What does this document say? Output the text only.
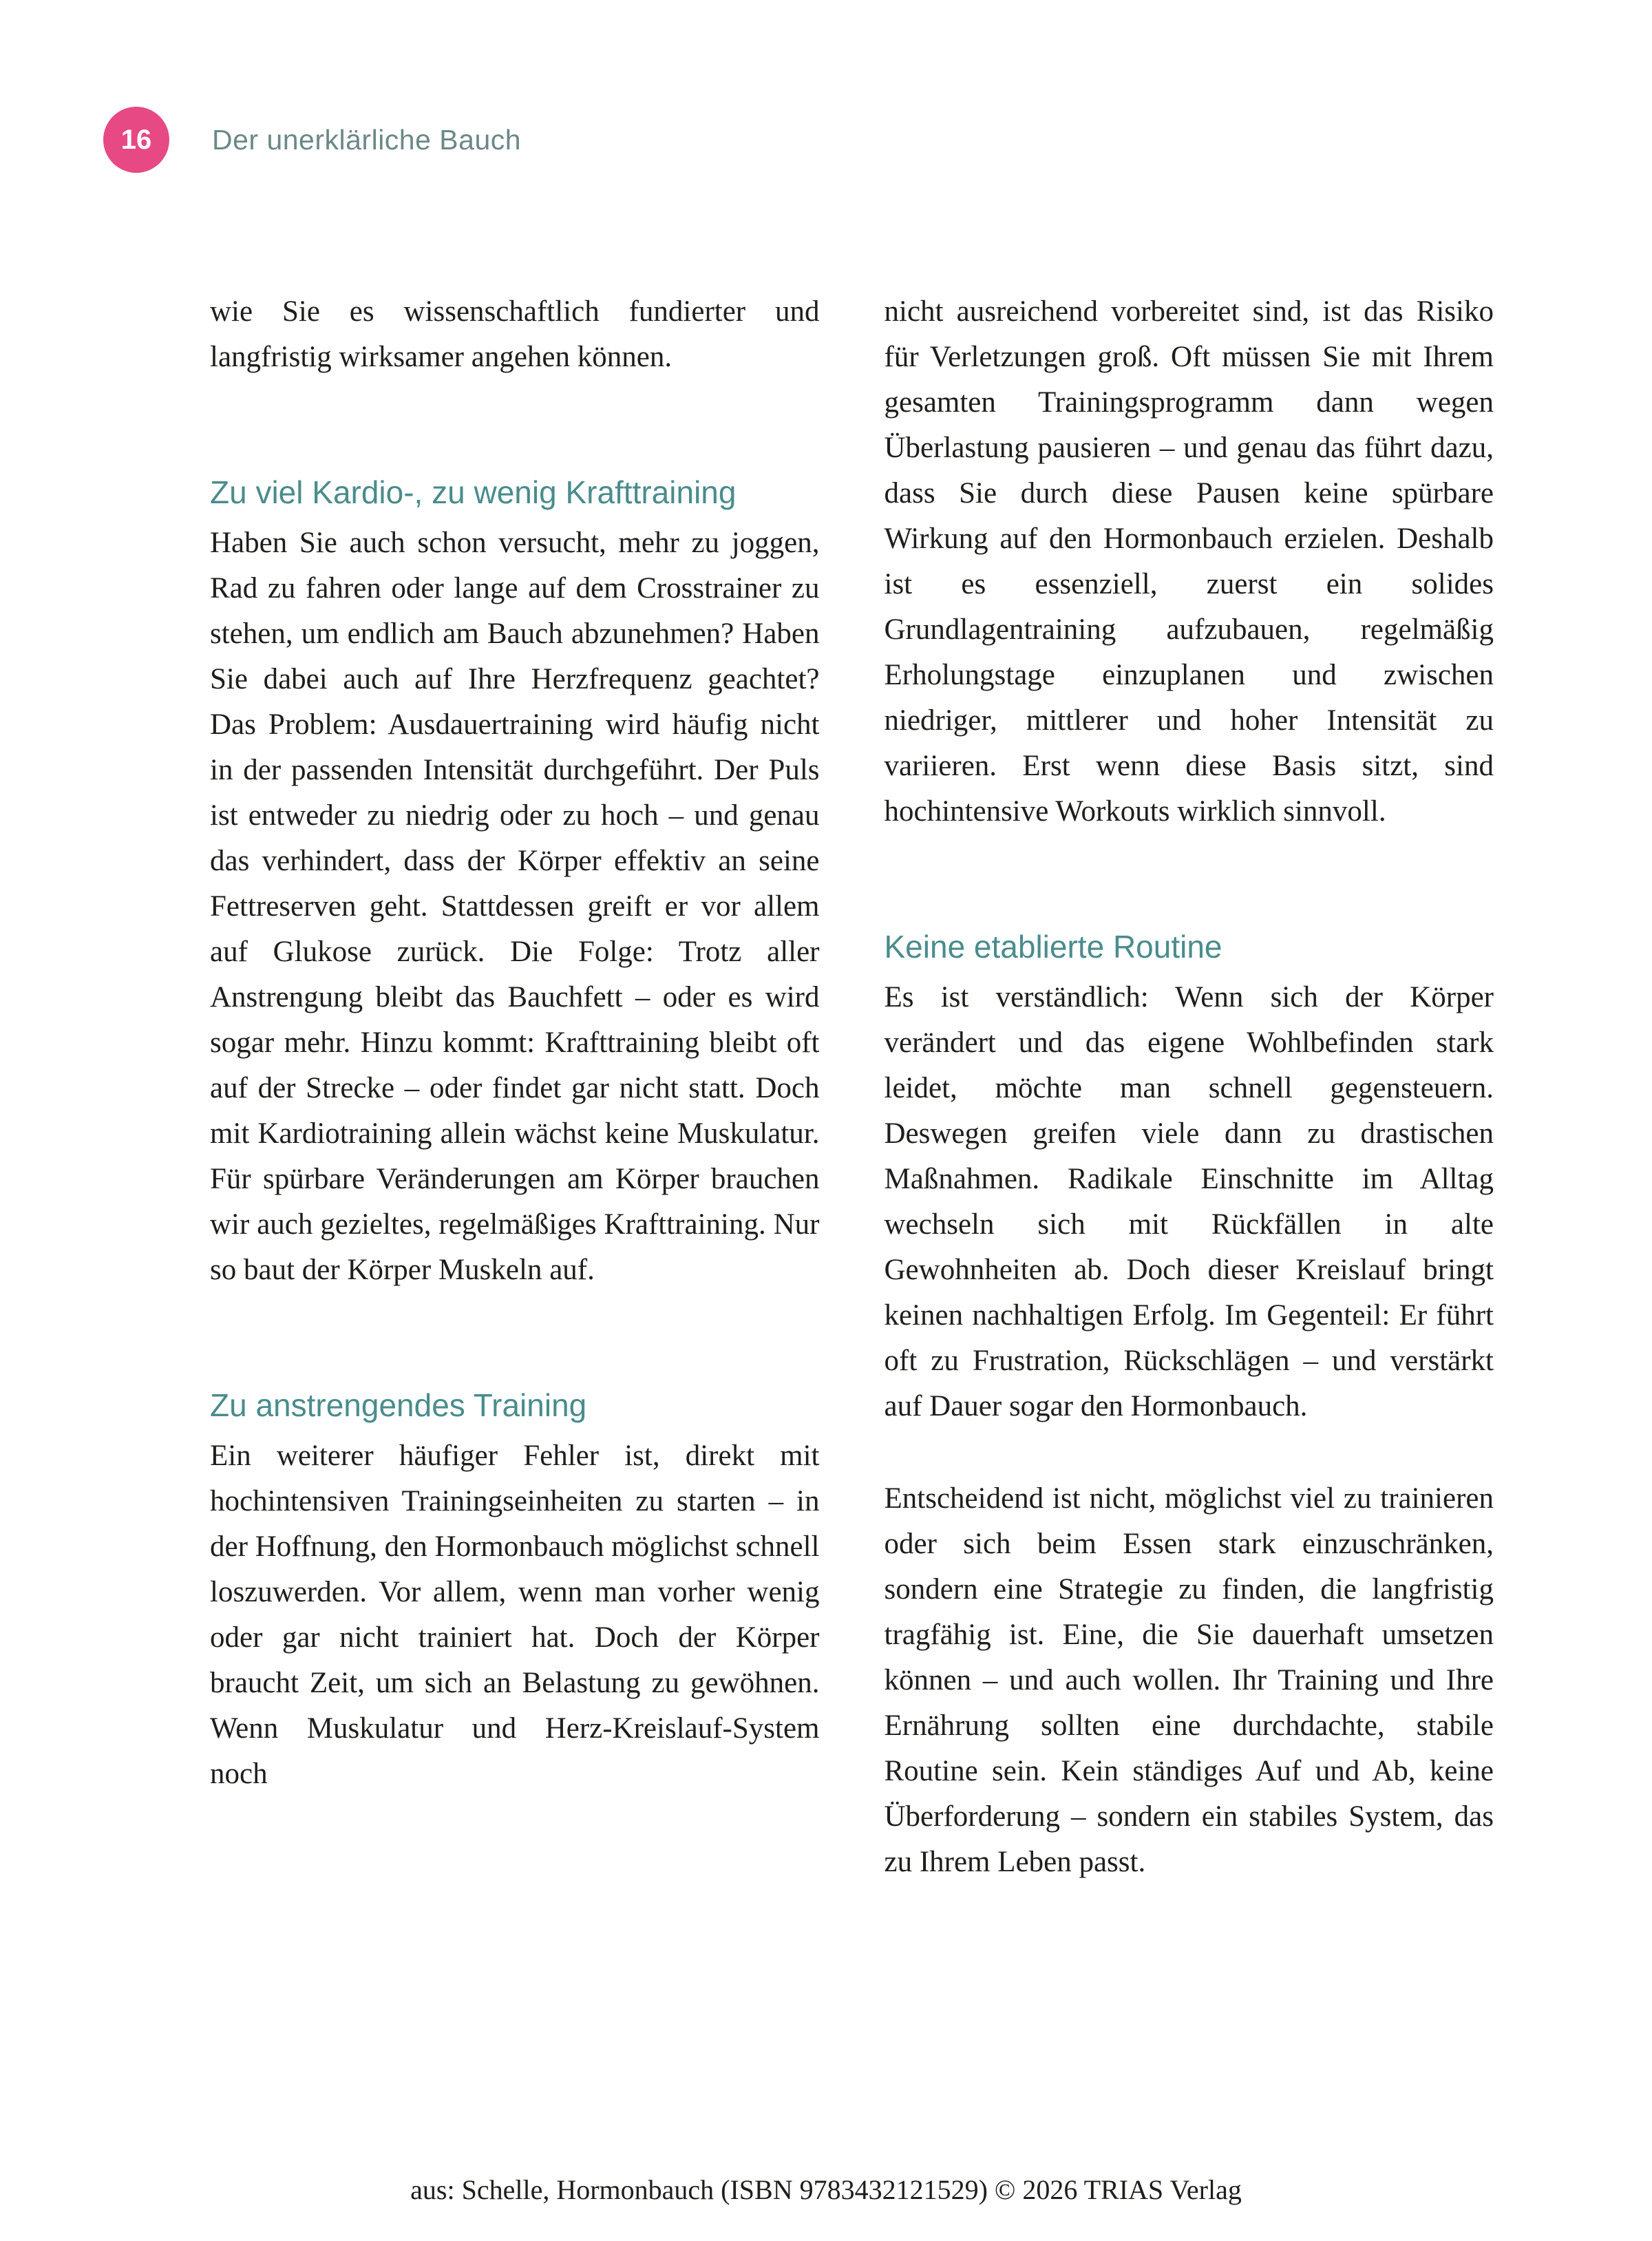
16	Der unerklärliche Bauch

wie Sie es wissenschaftlich fundierter und langfristig wirksamer angehen können.

Zu viel Kardio-, zu wenig Krafttraining

Haben Sie auch schon versucht, mehr zu joggen, Rad zu fahren oder lange auf dem Crosstrainer zu stehen, um endlich am Bauch abzunehmen? Haben Sie dabei auch auf Ihre Herzfrequenz geachtet? Das Problem: Ausdauertraining wird häufig nicht in der passenden Intensität durchgeführt. Der Puls ist entweder zu niedrig oder zu hoch – und genau das verhindert, dass der Körper effektiv an seine Fettreserven geht. Stattdessen greift er vor allem auf Glukose zurück. Die Folge: Trotz aller Anstrengung bleibt das Bauchfett – oder es wird sogar mehr. Hinzu kommt: Krafttraining bleibt oft auf der Strecke – oder findet gar nicht statt. Doch mit Kardiotraining allein wächst keine Muskulatur. Für spürbare Veränderungen am Körper brauchen wir auch gezieltes, regelmäßiges Krafttraining. Nur so baut der Körper Muskeln auf.

Zu anstrengendes Training

Ein weiterer häufiger Fehler ist, direkt mit hochintensiven Trainingseinheiten zu starten – in der Hoffnung, den Hormonbauch möglichst schnell loszuwerden. Vor allem, wenn man vorher wenig oder gar nicht trainiert hat. Doch der Körper braucht Zeit, um sich an Belastung zu gewöhnen. Wenn Muskulatur und Herz-Kreislauf-System noch

nicht ausreichend vorbereitet sind, ist das Risiko für Verletzungen groß. Oft müssen Sie mit Ihrem gesamten Trainingsprogramm dann wegen Überlastung pausieren – und genau das führt dazu, dass Sie durch diese Pausen keine spürbare Wirkung auf den Hormonbauch erzielen. Deshalb ist es essenziell, zuerst ein solides Grundlagentraining aufzubauen, regelmäßig Erholungstage einzuplanen und zwischen niedriger, mittlerer und hoher Intensität zu variieren. Erst wenn diese Basis sitzt, sind hochintensive Workouts wirklich sinnvoll.

Keine etablierte Routine

Es ist verständlich: Wenn sich der Körper verändert und das eigene Wohlbefinden stark leidet, möchte man schnell gegensteuern. Deswegen greifen viele dann zu drastischen Maßnahmen. Radikale Einschnitte im Alltag wechseln sich mit Rückfällen in alte Gewohnheiten ab. Doch dieser Kreislauf bringt keinen nachhaltigen Erfolg. Im Gegenteil: Er führt oft zu Frustration, Rückschlägen – und verstärkt auf Dauer sogar den Hormonbauch.

Entscheidend ist nicht, möglichst viel zu trainieren oder sich beim Essen stark einzuschränken, sondern eine Strategie zu finden, die langfristig tragfähig ist. Eine, die Sie dauerhaft umsetzen können – und auch wollen. Ihr Training und Ihre Ernährung sollten eine durchdachte, stabile Routine sein. Kein ständiges Auf und Ab, keine Überforderung – sondern ein stabiles System, das zu Ihrem Leben passt.

aus: Schelle, Hormonbauch (ISBN 9783432121529) © 2026 TRIAS Verlag
